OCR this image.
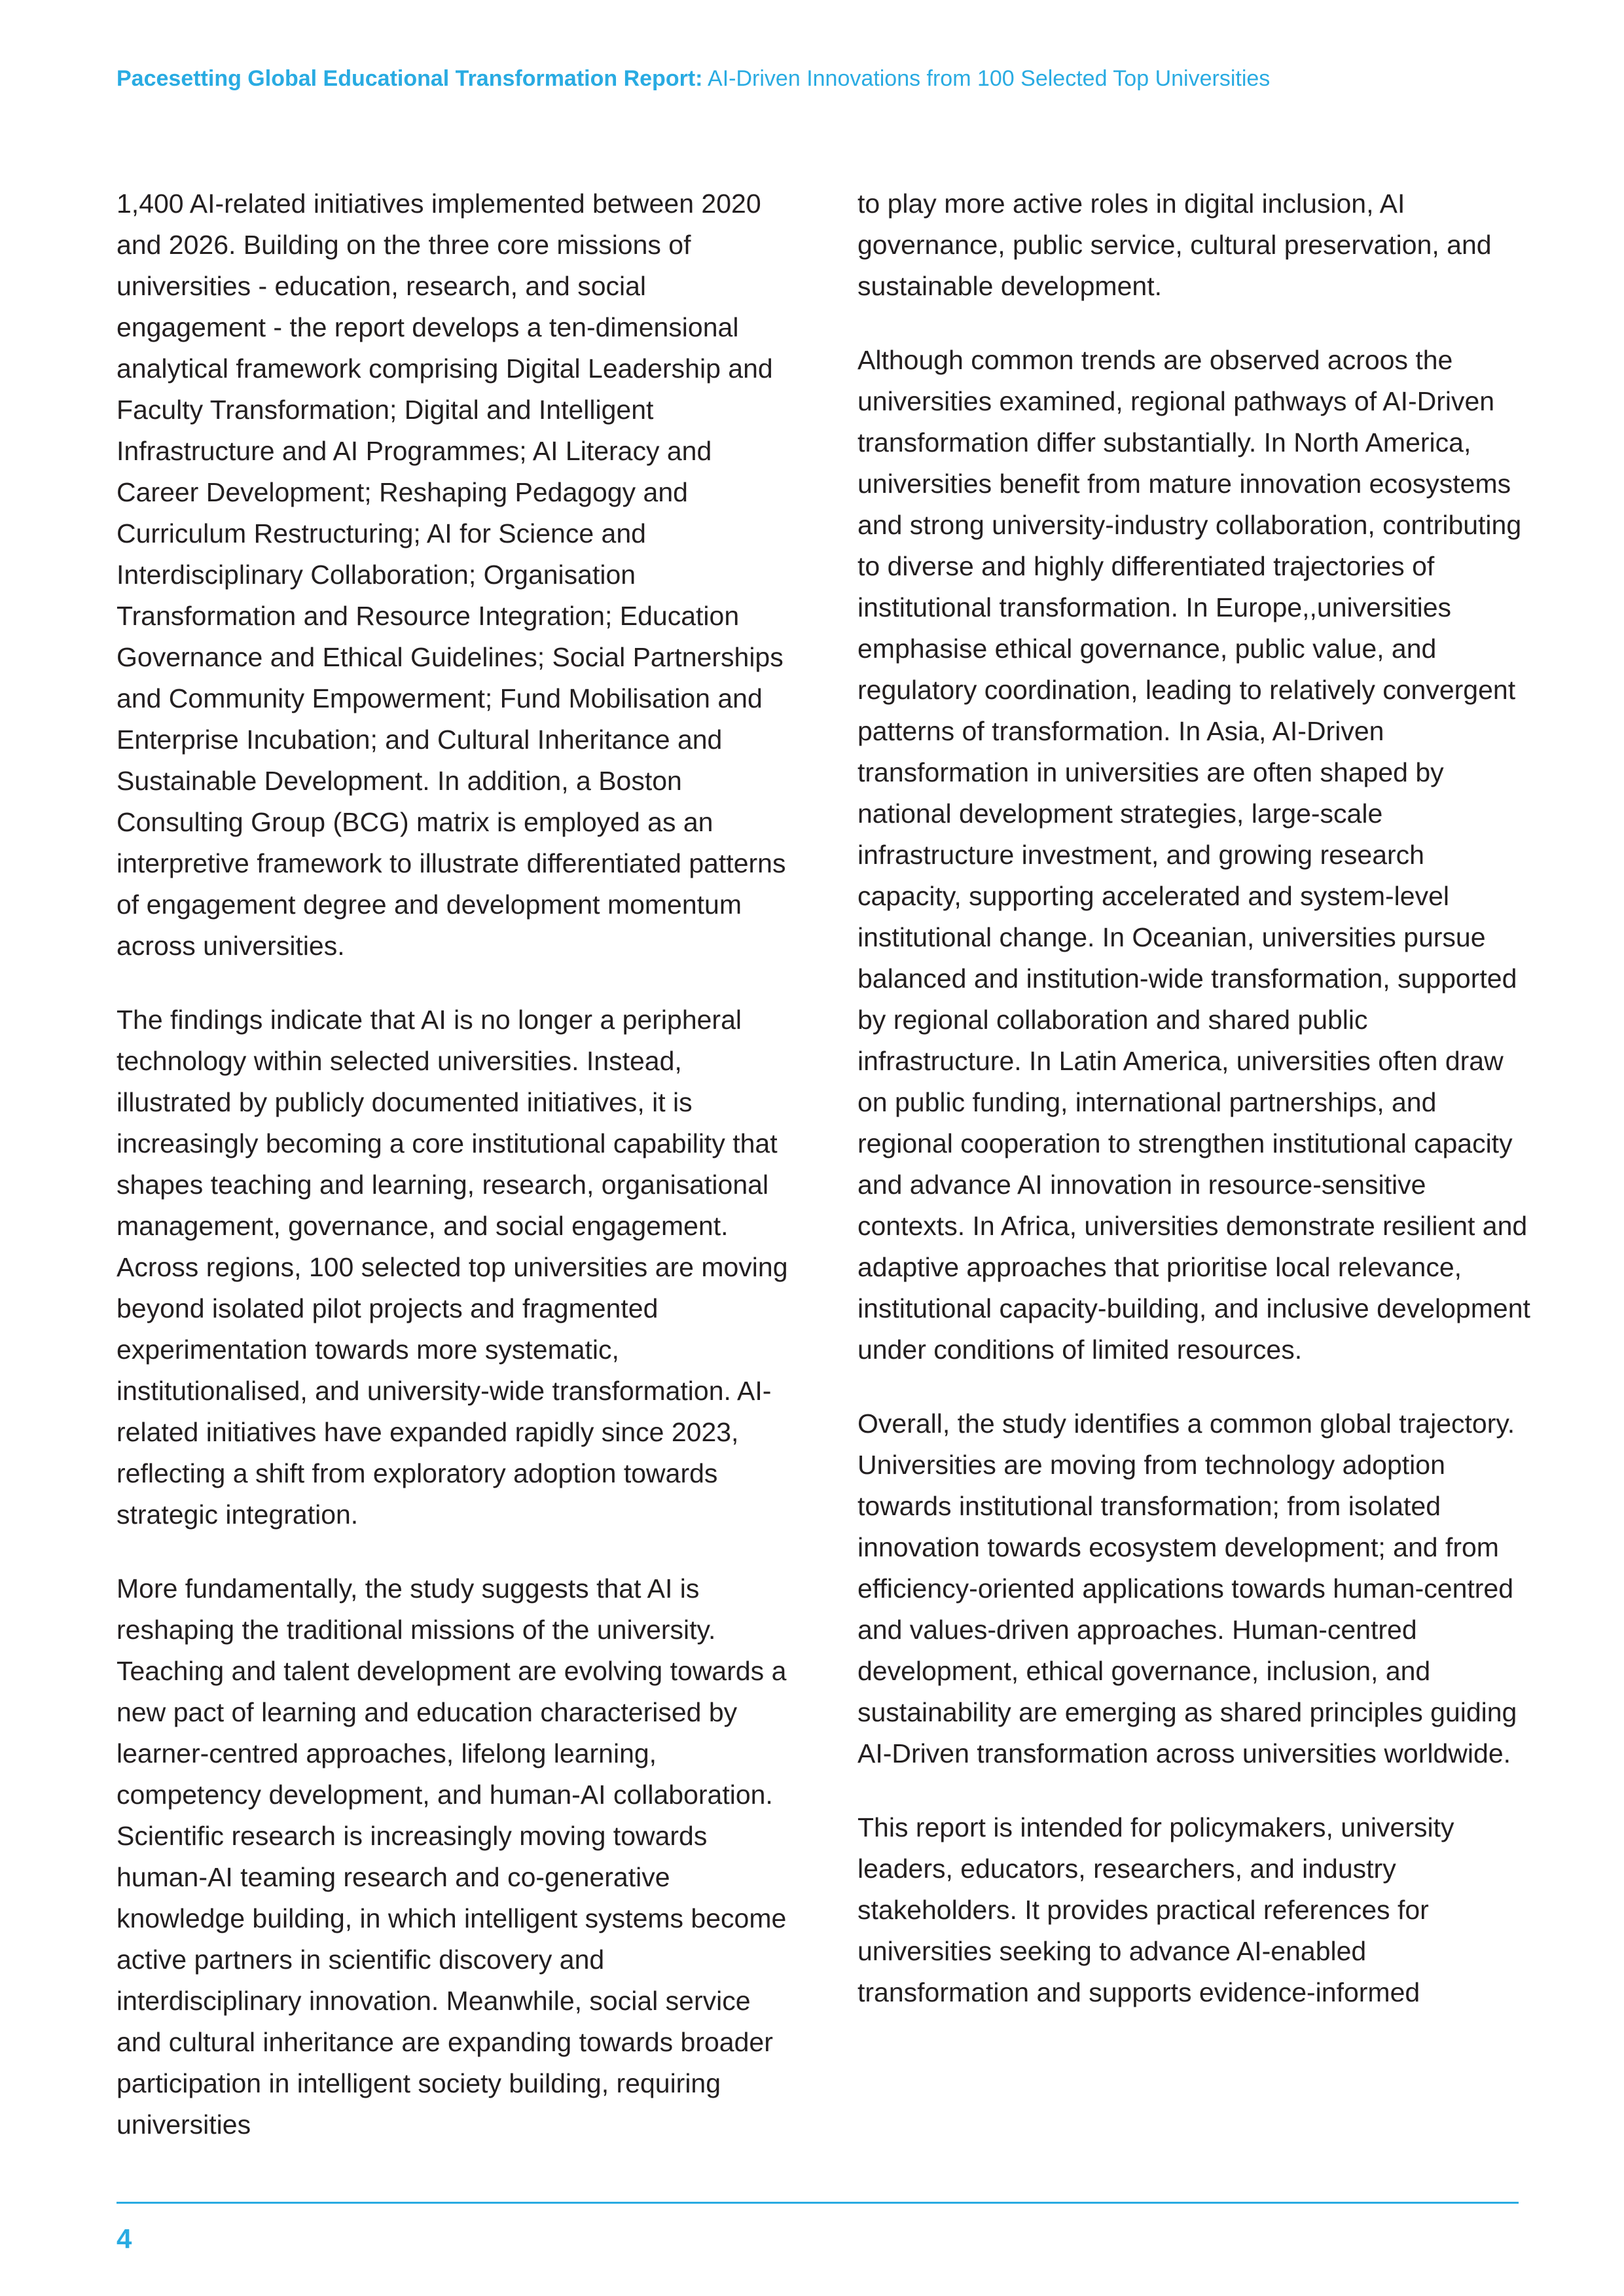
Pacesetting Global Educational Transformation Report: AI-Driven Innovations from 100 Selected Top Universities

1,400 AI-related initiatives implemented between 2020 and 2026. Building on the three core missions of universities - education, research, and social engagement - the report develops a ten-dimensional analytical framework comprising Digital Leadership and Faculty Transformation; Digital and Intelligent Infrastructure and AI Programmes; AI Literacy and Career Development; Reshaping Pedagogy and Curriculum Restructuring; AI for Science and Interdisciplinary Collaboration; Organisation Transformation and Resource Integration; Education Governance and Ethical Guidelines; Social Partnerships and Community Empowerment; Fund Mobilisation and Enterprise Incubation; and Cultural Inheritance and Sustainable Development. In addition, a Boston Consulting Group (BCG) matrix is employed as an interpretive framework to illustrate differentiated patterns of engagement degree and development momentum across universities.

The findings indicate that AI is no longer a peripheral technology within selected universities. Instead, illustrated by publicly documented initiatives, it is increasingly becoming a core institutional capability that shapes teaching and learning, research, organisational management, governance, and social engagement. Across regions, 100 selected top universities are moving beyond isolated pilot projects and fragmented experimentation towards more systematic, institutionalised, and university-wide transformation. AI-related initiatives have expanded rapidly since 2023, reflecting a shift from exploratory adoption towards strategic integration.

More fundamentally, the study suggests that AI is reshaping the traditional missions of the university. Teaching and talent development are evolving towards a new pact of learning and education characterised by learner-centred approaches, lifelong learning, competency development, and human-AI collaboration. Scientific research is increasingly moving towards human-AI teaming research and co-generative knowledge building, in which intelligent systems become active partners in scientific discovery and interdisciplinary innovation. Meanwhile, social service and cultural inheritance are expanding towards broader participation in intelligent society building, requiring universities

to play more active roles in digital inclusion, AI governance, public service, cultural preservation, and sustainable development.

Although common trends are observed acroos the universities examined, regional pathways of AI-Driven transformation differ substantially. In North America, universities benefit from mature innovation ecosystems and strong university-industry collaboration, contributing to diverse and highly differentiated trajectories of institutional transformation. In Europe,,universities emphasise ethical governance, public value, and regulatory coordination, leading to relatively convergent patterns of transformation. In Asia, AI-Driven transformation in universities are often shaped by national development strategies, large-scale infrastructure investment, and growing research capacity, supporting accelerated and system-level institutional change. In Oceanian, universities pursue balanced and institution-wide transformation, supported by regional collaboration and shared public infrastructure. In Latin America, universities often draw on public funding, international partnerships, and regional cooperation to strengthen institutional capacity and advance AI innovation in resource-sensitive contexts. In Africa, universities demonstrate resilient and adaptive approaches that prioritise local relevance, institutional capacity-building, and inclusive development under conditions of limited resources.

Overall, the study identifies a common global trajectory. Universities are moving from technology adoption towards institutional transformation; from isolated innovation towards ecosystem development; and from efficiency-oriented applications towards human-centred and values-driven approaches. Human-centred development, ethical governance, inclusion, and sustainability are emerging as shared principles guiding AI-Driven transformation across universities worldwide.

This report is intended for policymakers, university leaders, educators, researchers, and industry stakeholders. It provides practical references for universities seeking to advance AI-enabled transformation and supports evidence-informed

4
